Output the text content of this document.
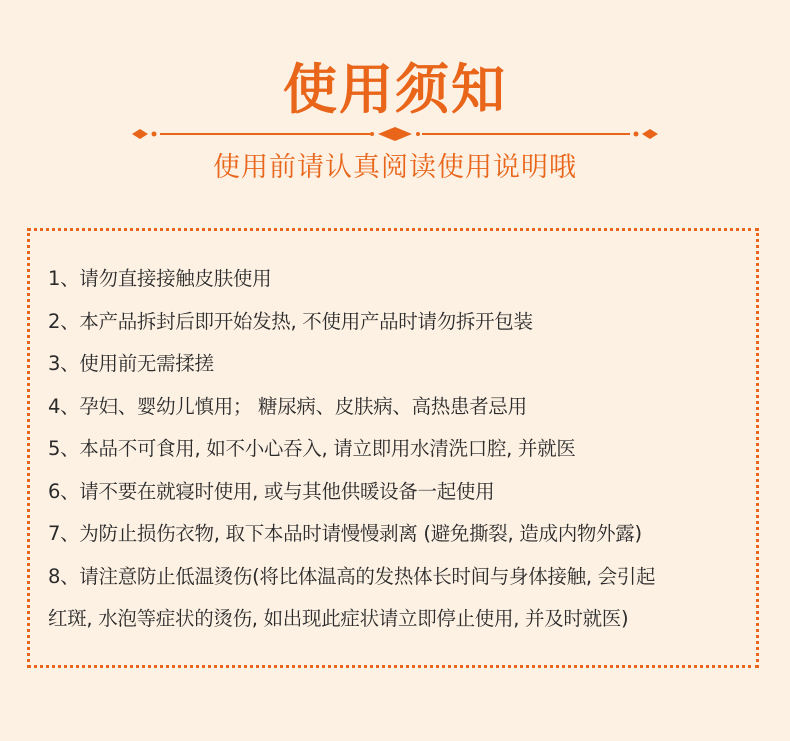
使用须知
使用前请认真阅读使用说明哦
1、请勿直接接触皮肤使用
2、本产品拆封后即开始发热, 不使用产品时请勿拆开包装
3、使用前无需揉搓
4、孕妇、婴幼儿慎用； 糖尿病、皮肤病、高热患者忌用
5、本品不可食用, 如不小心吞入, 请立即用水清洗口腔, 并就医
6、请不要在就寝时使用, 或与其他供暖设备一起使用
7、为防止损伤衣物, 取下本品时请慢慢剥离 (避免撕裂, 造成内物外露)
8、请注意防止低温烫伤(将比体温高的发热体长时间与身体接触, 会引起
红斑, 水泡等症状的烫伤, 如出现此症状请立即停止使用, 并及时就医)
